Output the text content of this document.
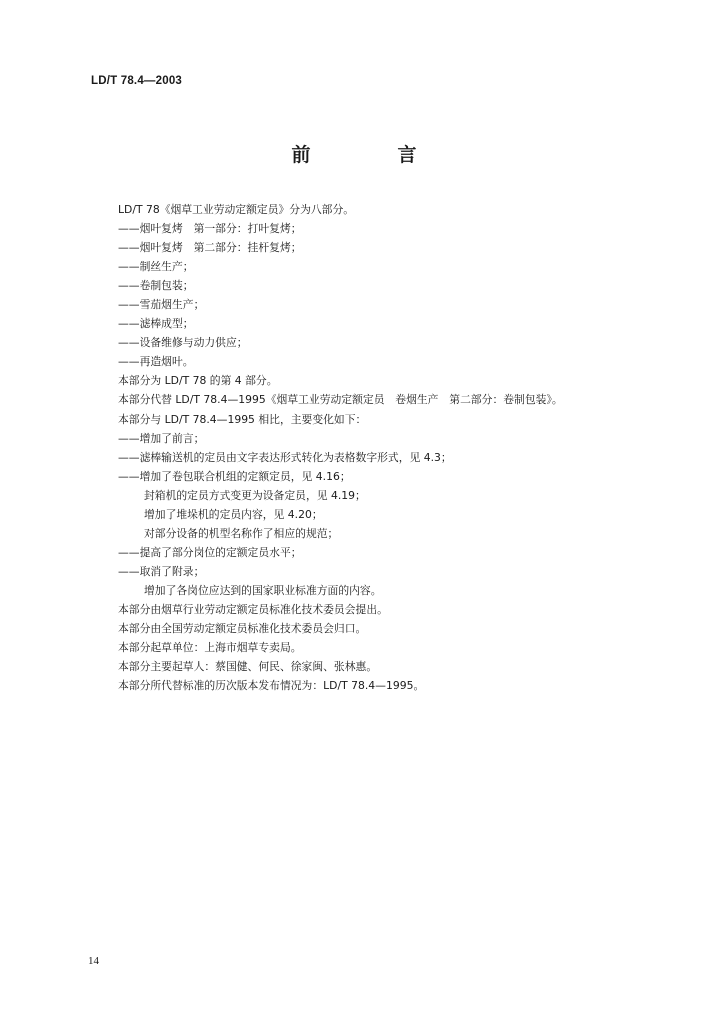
LD/T 78.4—2003
前　言
LD/T 78《烟草工业劳动定额定员》分为八部分。
——烟叶复烤　第一部分：打叶复烤；
——烟叶复烤　第二部分：挂杆复烤；
——制丝生产；
——卷制包装；
——雪茄烟生产；
——滤棒成型；
——设备维修与动力供应；
——再造烟叶。
本部分为 LD/T 78 的第 4 部分。
本部分代替 LD/T 78.4—1995《烟草工业劳动定额定员　卷烟生产　第二部分：卷制包装》。
本部分与 LD/T 78.4—1995 相比，主要变化如下：
——增加了前言；
——滤棒输送机的定员由文字表达形式转化为表格数字形式，见 4.3；
——增加了卷包联合机组的定额定员，见 4.16；
封箱机的定员方式变更为设备定员，见 4.19；
增加了堆垛机的定员内容，见 4.20；
对部分设备的机型名称作了相应的规范；
——提高了部分岗位的定额定员水平；
——取消了附录；
增加了各岗位应达到的国家职业标准方面的内容。
本部分由烟草行业劳动定额定员标准化技术委员会提出。
本部分由全国劳动定额定员标准化技术委员会归口。
本部分起草单位：上海市烟草专卖局。
本部分主要起草人：蔡国健、何民、徐家闽、张林惠。
本部分所代替标准的历次版本发布情况为：LD/T 78.4—1995。
14
